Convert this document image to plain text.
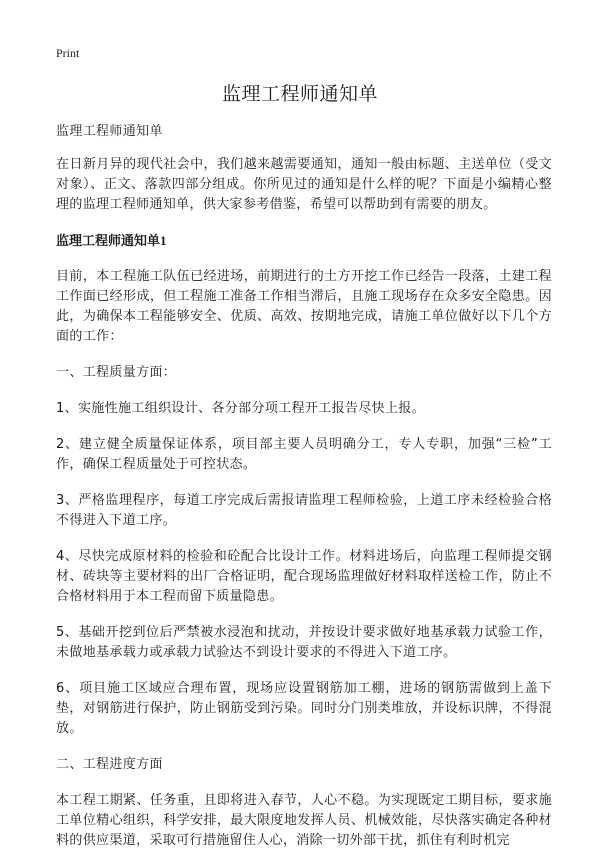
Print
监理工程师通知单

监理工程师通知单

在日新月异的现代社会中，我们越来越需要通知，通知一般由标题、主送单位（受文对象）、正文、落款四部分组成。你所见过的通知是什么样的呢？下面是小编精心整理的监理工程师通知单，供大家参考借鉴，希望可以帮助到有需要的朋友。

监理工程师通知单1

目前，本工程施工队伍已经进场，前期进行的土方开挖工作已经告一段落，土建工程工作面已经形成，但工程施工准备工作相当滞后，且施工现场存在众多安全隐患。因此，为确保本工程能够安全、优质、高效、按期地完成，请施工单位做好以下几个方面的工作：

一、工程质量方面：

1、实施性施工组织设计、各分部分项工程开工报告尽快上报。

2、建立健全质量保证体系，项目部主要人员明确分工，专人专职，加强“三检”工作，确保工程质量处于可控状态。

3、严格监理程序，每道工序完成后需报请监理工程师检验，上道工序未经检验合格不得进入下道工序。

4、尽快完成原材料的检验和砼配合比设计工作。材料进场后，向监理工程师提交钢材、砖块等主要材料的出厂合格证明，配合现场监理做好材料取样送检工作，防止不合格材料用于本工程而留下质量隐患。

5、基础开挖到位后严禁被水浸泡和扰动，并按设计要求做好地基承载力试验工作，未做地基承载力或承载力试验达不到设计要求的不得进入下道工序。

6、项目施工区域应合理布置，现场应设置钢筋加工棚，进场的钢筋需做到上盖下垫，对钢筋进行保护，防止钢筋受到污染。同时分门别类堆放，并设标识牌，不得混放。

二、工程进度方面

本工程工期紧、任务重，且即将进入春节，人心不稳。为实现既定工期目标，要求施工单位精心组织，科学安排，最大限度地发挥人员、机械效能，尽快落实确定各种材料的供应渠道，采取可行措施留住人心，消除一切外部干扰，抓住有利时机完
